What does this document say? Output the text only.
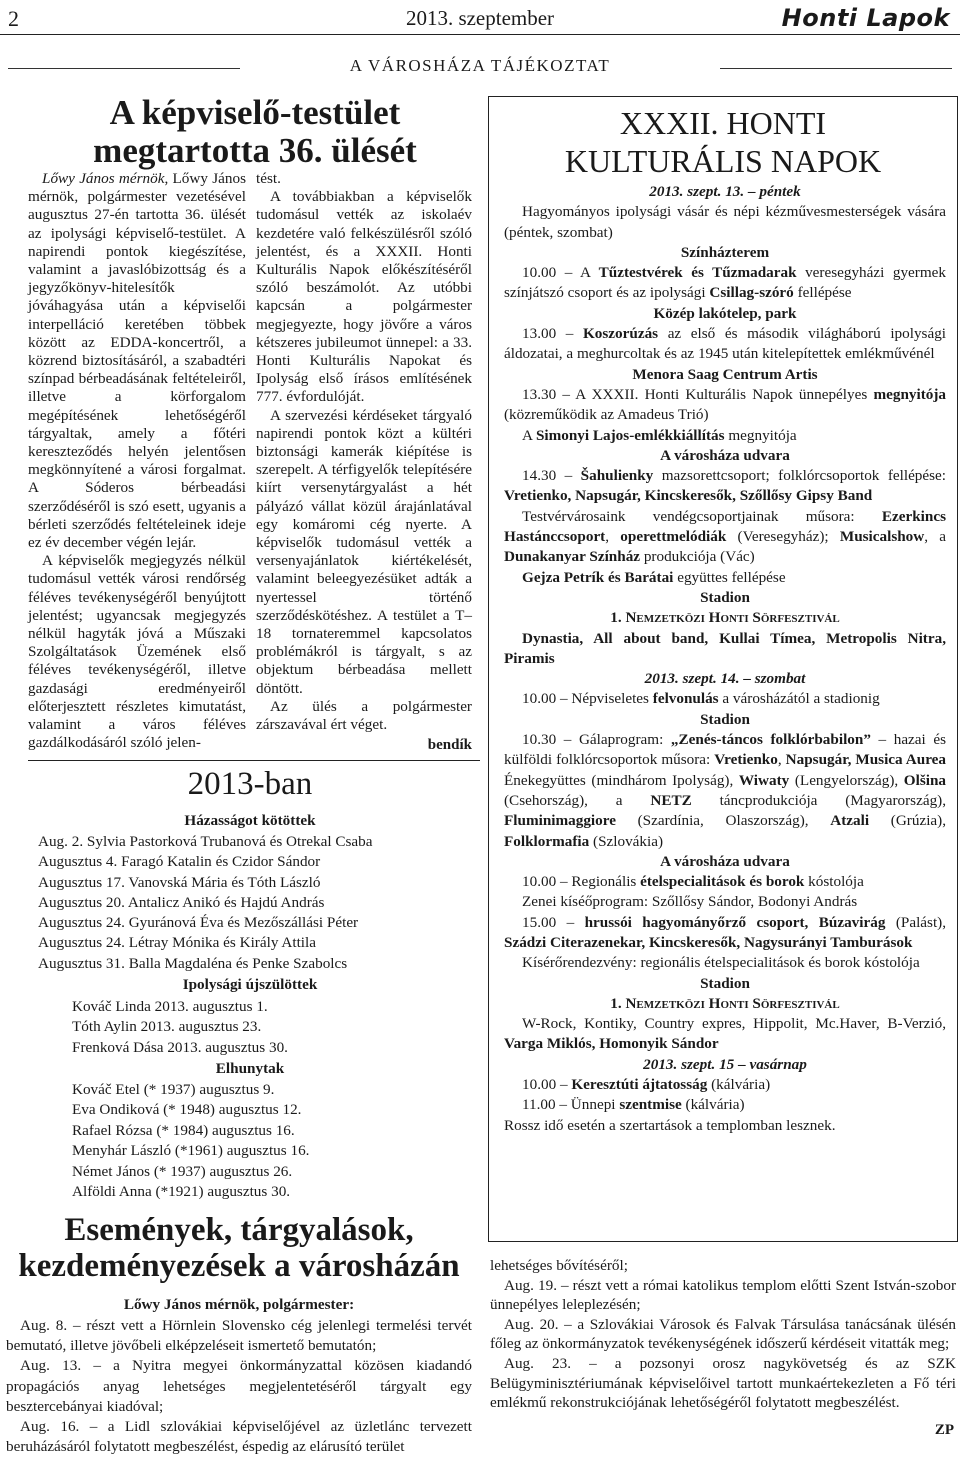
2	2013. szeptember	Honti Lapok
A VÁROSHÁZA TÁJÉKOZTAT
A képviselő-testület
megtartotta 36. ülését

Lőwy János mérnök, Lőwy János mérnök, polgármester vezetésével augusztus 27-én tartotta 36. ülését az ipolysági képviselő-testület. A napirendi pontok kiegészítése, valamint a javaslóbizottság és a jegyzőkönyv-hitelesítők jóváhagyása után a képviselői interpelláció keretében többek között az EDDA-koncertről, a közrend biztosításáról, a szabadtéri színpad bérbeadásának feltételeiről, illetve a körforgalom megépítésének lehetőségéről tárgyaltak, amely a főtéri kereszteződés helyén jelentősen megkönnyítené a városi forgalmat. A Sóderos bérbeadási szerződéséről is szó esett, ugyanis a bérleti szerződés feltételeinek ideje ez év december végén lejár.

A képviselők megjegyzés nélkül tudomásul vették városi rendőrség féléves tevékenységéről benyújtott jelentést; ugyancsak megjegyzés nélkül hagyták jóvá a Műszaki Szolgáltatások Üzemének első féléves tevékenységéről, illetve gazdasági eredményeiről előterjesztett részletes kimutatást, valamint a város féléves gazdálkodásáról szóló jelen-

tést.

A továbbiakban a képviselők tudomásul vették az iskolaév kezdetére való felkészülésről szóló jelentést, és a XXXII. Honti Kulturális Napok előkészítéséről szóló beszámolót. Az utóbbi kapcsán a polgármester megjegyezte, hogy jövőre a város kétszeres jubileumot ünnepel: a 33. Honti Kulturális Napokat és Ipolyság első írásos említésének 777. évfordulóját.

A szervezési kérdéseket tárgyaló napirendi pontok közt a kültéri biztonsági kamerák kiépítése is szerepelt. A térfigyelők telepítésére kiírt versenytárgyalást a hét pályázó vállat közül árajánlatával egy komáromi cég nyerte. A képviselők tudomásul vették a versenyajánlatok kiértékelését, valamint beleegyezésüket adták a nyertessel történő szerződéskötéshez. A testület a T–18 tornateremmel kapcsolatos problémákról is tárgyalt, s az objektum bérbeadása mellett döntött.

Az ülés a polgármester zárszavával ért véget.

bendík

2013-ban
Házasságot kötöttek
Aug. 2. Sylvia Pastorková Trubanová és Otrekal Csaba
Augusztus 4. Faragó Katalin és Czidor Sándor
Augusztus 17. Vanovská Mária és Tóth László
Augusztus 20. Antalicz Anikó és Hajdú András
Augusztus 24. Gyuránová Éva és Mezőszállási Péter
Augusztus 24. Létray Mónika és Király Attila
Augusztus 31. Balla Magdaléna és Penke Szabolcs
Ipolysági újszülöttek
Kováč Linda 2013. augusztus 1.
Tóth Aylin 2013. augusztus 23.
Frenková Dása 2013. augusztus 30.
Elhunytak
Kováč Etel (* 1937) augusztus 9.
Eva Ondiková (* 1948) augusztus 12.
Rafael Rózsa (* 1984) augusztus 16.
Menyhár László (*1961) augusztus 16.
Német János (* 1937) augusztus 26.
Alföldi Anna (*1921) augusztus 30.
Események, tárgyalások,
kezdeményezések a városházán
Lőwy János mérnök, polgármester:

Aug. 8. – részt vett a Hörnlein Slovensko cég jelenlegi termelési tervét bemutató, illetve jövőbeli elképzeléseit ismertető bemutatón;

Aug. 13. – a Nyitra megyei önkormányzattal közösen kiadandó propagációs anyag lehetséges megjelentetéséről tárgyalt egy besztercebányai kiadóval;

Aug. 16. – a Lidl szlovákiai képviselőjével az üzletlánc tervezett beruházásáról folytatott megbeszélést, éspedig az elárusító terület

lehetséges bővítéséről;

Aug. 19. – részt vett a római katolikus templom előtti Szent István-szobor ünnepélyes leleplezésén;

Aug. 20. – a Szlovákiai Városok és Falvak Társulása tanácsának ülésén főleg az önkormányzatok tevékenységének időszerű kérdéseit vitatták meg;

Aug. 23. – a pozsonyi orosz nagykövetség és az SZK Belügyminisztériumának képviselőivel tartott munkaértekezleten a Fő téri emlékmű rekonstrukciójának lehetőségéről folytatott megbeszélést.

ZP
XXXII. HONTI
KULTURÁLIS NAPOK
2013. szept. 13. – péntek
Hagyományos ipolysági vásár és népi kézművesmesterségek vására (péntek, szombat)
Színházterem
10.00 – A Tűztestvérek és Tűzmadarak veresegyházi gyermek színjátszó csoport és az ipolysági Csillag-szóró fellépése
Közép lakótelep, park
13.00 – Koszorúzás az első és második világháború ipolysági áldozatai, a meghurcoltak és az 1945 után kitelepítettek emlékművénél
Menora Saag Centrum Artis
13.30 – A XXXII. Honti Kulturális Napok ünnepélyes megnyitója (közreműködik az Amadeus Trió)
A Simonyi Lajos-emlékkiállítás megnyitója
A városháza udvara
14.30 – Šahulienky mazsorettcsoport; folklórcsoportok fellépése: Vretienko, Napsugár, Kincskeresők, Szőllősy Gipsy Band
Testvérvárosaink vendégcsoportjainak műsora: Ezerkincs Hastánccsoport, operettmelódiák (Veresegyház); Musicalshow, a Dunakanyar Színház produkciója (Vác)
Gejza Petrík és Barátai együttes fellépése
Stadion
1. Nemzetközi Honti Sörfesztivál
Dynastia, All about band, Kullai Tímea, Metropolis Nitra, Piramis
2013. szept. 14. – szombat
10.00 – Népviseletes felvonulás a városházától a stadionig
Stadion
10.30 – Gálaprogram: „Zenés-táncos folklórbabilon” – hazai és külföldi folklórcsoportok műsora: Vretienko, Napsugár, Musica Aurea Énekegyüttes (mindhárom Ipolyság), Wiwaty (Lengyelország), Olšina (Csehország), a NETZ táncprodukciója (Magyarország), Fluminimaggiore (Szardínia, Olaszország), Atzali (Grúzia), Folklormafia (Szlovákia)
A városháza udvara
10.00 – Regionális ételspecialitások és borok kóstolója
Zenei kíséőprogram: Szőllősy Sándor, Bodonyi András
15.00 – hrussói hagyományőrző csoport, Búzavirág (Palást), Szádzi Citerazenekar, Kincskeresők, Nagysurányi Tamburások
Kísérőrendezvény: regionális ételspecialitások és borok kóstolója
Stadion
1. Nemzetközi Honti Sörfesztivál
W-Rock, Kontiky, Country expres, Hippolit, Mc.Haver, B-Verzió, Varga Miklós, Homonyik Sándor
2013. szept. 15 – vasárnap
10.00 – Keresztúti ájtatosság (kálvária)
11.00 – Ünnepi szentmise (kálvária)
Rossz idő esetén a szertartások a templomban lesznek.
